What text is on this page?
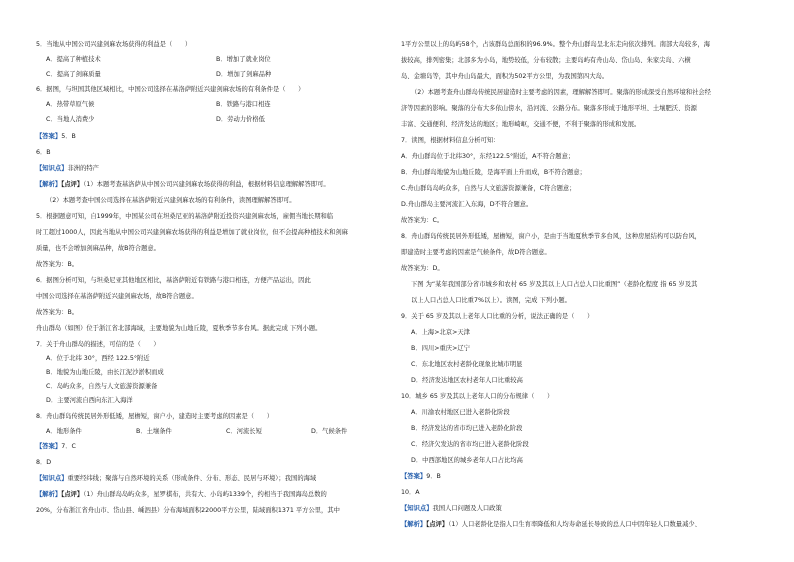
5．当地从中国公司兴建剑麻农场获得的利益是（　　）
A．提高了种植技术	B．增加了就业岗位
C．提高了剑麻质量	D．增加了剑麻品种
6．据图，与坦国其他区域相比，中国公司选择在基洛萨附近兴建剑麻农场的有利条件是（　　）
A．热带草原气候	B．铁路与港口相连
C．当地人消费少	D．劳动力价格低
【答案】5．B
6．B
【知识点】非洲的特产
【解析】【点评】（1）本题考查基洛萨从中国公司兴建剑麻农场获得的利益，根据材料信息理解解答即可。
（2）本题考查中国公司选择在基洛萨附近兴建剑麻农场的有利条件，读图理解解答即可。
5．根据题意可知，自1999年，中国某公司在坦桑尼亚的基洛萨附近投资兴建剑麻农场，雇佣当地长期和临
时工超过1000人，因此当地从中国公司兴建剑麻农场获得的利益是增加了就业岗位，但不会提高种植技术和剑麻
质量，也不会增加剑麻品种，故B符合题意。
故答案为：B。
6．据图分析可知，与坦桑尼亚其他地区相比，基洛萨附近有铁路与港口相连，方便产品运出，因此
中国公司选择在基洛萨附近兴建剑麻农场，故B符合题意。
故答案为：B。
舟山群岛（如图）位于浙江省北部海域，主要地貌为山地丘陵，夏秋季节多台风。据此完成 下列小题。
7．关于舟山群岛的描述，可信的是（　　）
A．位于北纬 30°，西经 122.5°附近
B．地貌为山地丘陵，由长江泥沙淤积而成
C．岛屿众多，自然与人文旅游资源兼备
D．主要河流自西向东汇入海洋
8．舟山群岛传统民居外形低矮，屋檐短，窗户小，建造时主要考虑的因素是（　　）
A．地形条件	B．土壤条件	C．河流长短	D．气候条件
【答案】7．C
8．D
【知识点】重要经纬线；聚落与自然环境的关系（形成条件、分布、形态、民居与环境）；我国的海域
【解析】【点评】（1）舟山群岛岛屿众多，星罗棋布，共有大、小岛屿1339个，约相当于我国海岛总数的
20%，分布浙江省舟山市、岱山县、嵊泗县）分布海域面积22000平方公里，陆域面积1371 平方公里，其中
1平方公里以上的岛屿58个，占该群岛总面积的96.9%。整个舟山群岛呈北东走向依次排列。南部大岛较多，海
拔较高，排列密集；北部多为小岛，地势较低，分布较散；主要岛屿有舟山岛、岱山岛、朱家尖岛、六横
岛、金塘岛等，其中舟山岛最大，面积为502平方公里，为我国第四大岛。
（2）本题考查舟山群岛传统民居建造时主要考虑的因素，理解解答即可。聚落的形成深受自然环境和社会经
济等因素的影响。聚落的分布大多依山傍水，沿河流、公路分布。聚落多形成于地形平坦、土壤肥沃、资源
丰富、交通便利、经济发达的地区；地形崎岖，交通不便，不利于聚落的形成和发展。
7．读图，根据材料信息分析可知：
A．舟山群岛位于北纬30°，东经122.5°附近，A不符合题意；
B．舟山群岛地貌为山地丘陵，是海平面上升而成，B不符合题意；
C.舟山群岛岛屿众多，自然与人文旅游资源兼备，C符合题意；
D.舟山群岛主要河流汇入东海，D不符合题意。
故答案为：C。
8．舟山群岛传统民居外形低矮，屋檐短，窗户小，是由于当地夏秋季节多台风，这种房屋结构可以防台风，
即建造时主要考虑的因素是气候条件，故D符合题意。
故答案为：D。
下图 为“某年我国部分省市城乡和农村 65 岁及其以上人口占总人口比重图”（老龄化程度 指 65 岁及其
以上人口占总人口比重7%以上）。读图，完成 下列小题。
9．关于 65 岁及其以上老年人口比重的分析，说法正确的是（　　）
A．上海>北京>天津
B．四川>重庆>辽宁
C．东北地区农村老龄化现象比城市明显
D．经济发达地区农村老年人口比重较高
10．城乡 65 岁及其以上老年人口的分布规律（　　）
A．川渝农村地区已进入老龄化阶段
B．经济发达的省市均已进入老龄化阶段
C．经济欠发达的省市均已进入老龄化阶段
D．中西部地区的城乡老年人口占比均高
【答案】9．B
10．A
【知识点】我国人口问题及人口政策
【解析】【点评】（1）人口老龄化是指人口生育率降低和人均寿命延长导致的总人口中因年轻人口数量减少、
